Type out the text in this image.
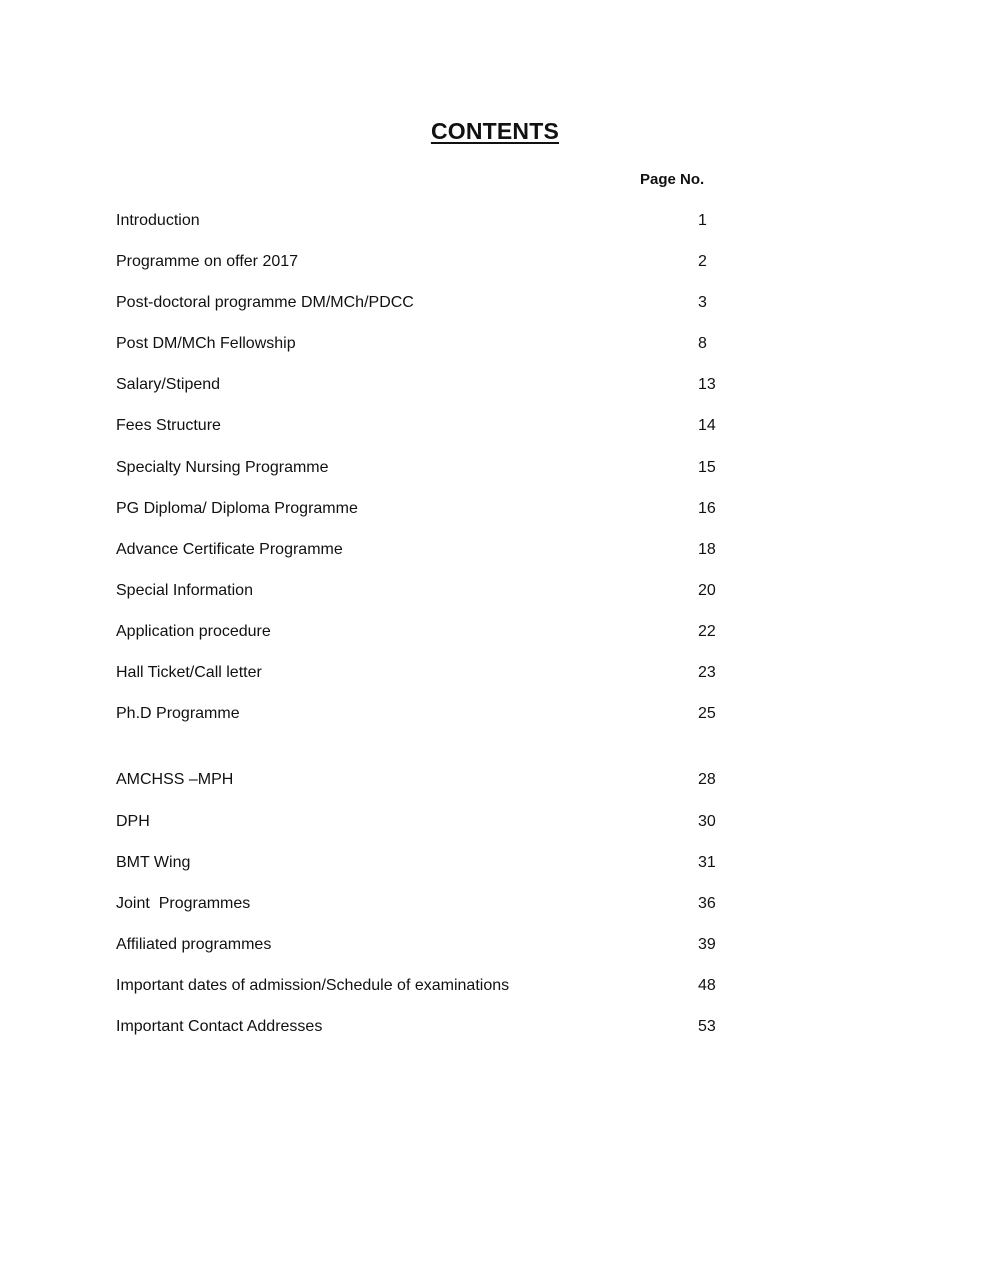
CONTENTS
Page No.
Introduction	1
Programme on offer 2017	2
Post-doctoral programme DM/MCh/PDCC	3
Post DM/MCh Fellowship	8
Salary/Stipend	13
Fees Structure	14
Specialty Nursing Programme	15
PG Diploma/ Diploma Programme	16
Advance Certificate Programme	18
Special Information	20
Application procedure	22
Hall Ticket/Call letter	23
Ph.D Programme	25
AMCHSS –MPH	28
DPH	30
BMT Wing	31
Joint  Programmes	36
Affiliated programmes	39
Important dates of admission/Schedule of examinations	48
Important Contact Addresses	53
